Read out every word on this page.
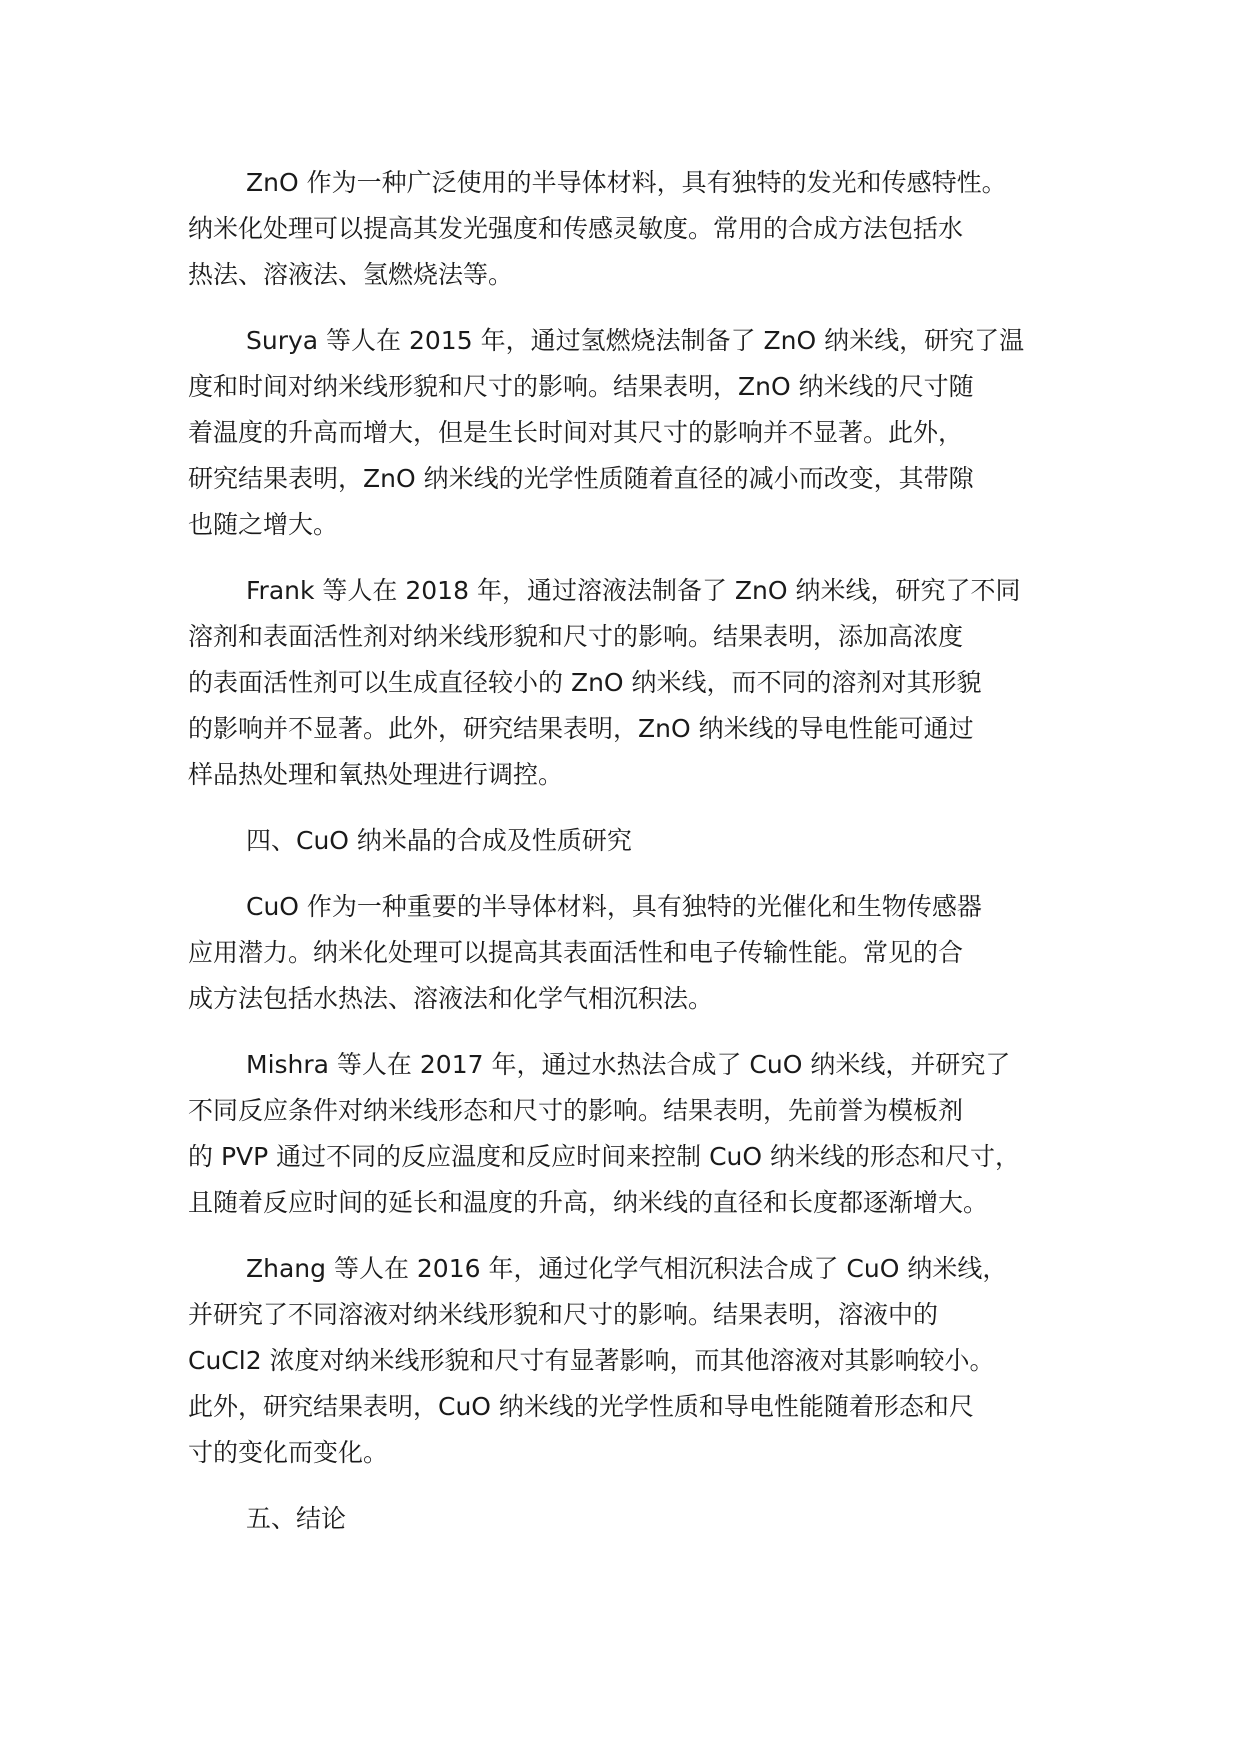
ZnO 作为一种广泛使用的半导体材料，具有独特的发光和传感特性。
纳米化处理可以提高其发光强度和传感灵敏度。常用的合成方法包括水
热法、溶液法、氢燃烧法等。

Surya 等人在 2015 年，通过氢燃烧法制备了 ZnO 纳米线，研究了温
度和时间对纳米线形貌和尺寸的影响。结果表明，ZnO 纳米线的尺寸随
着温度的升高而增大，但是生长时间对其尺寸的影响并不显著。此外，
研究结果表明，ZnO 纳米线的光学性质随着直径的减小而改变，其带隙
也随之增大。

Frank 等人在 2018 年，通过溶液法制备了 ZnO 纳米线，研究了不同
溶剂和表面活性剂对纳米线形貌和尺寸的影响。结果表明，添加高浓度
的表面活性剂可以生成直径较小的 ZnO 纳米线，而不同的溶剂对其形貌
的影响并不显著。此外，研究结果表明，ZnO 纳米线的导电性能可通过
样品热处理和氧热处理进行调控。

四、CuO 纳米晶的合成及性质研究

CuO 作为一种重要的半导体材料，具有独特的光催化和生物传感器
应用潜力。纳米化处理可以提高其表面活性和电子传输性能。常见的合
成方法包括水热法、溶液法和化学气相沉积法。

Mishra 等人在 2017 年，通过水热法合成了 CuO 纳米线，并研究了
不同反应条件对纳米线形态和尺寸的影响。结果表明，先前誉为模板剂
的 PVP 通过不同的反应温度和反应时间来控制 CuO 纳米线的形态和尺寸，
且随着反应时间的延长和温度的升高，纳米线的直径和长度都逐渐增大。

Zhang 等人在 2016 年，通过化学气相沉积法合成了 CuO 纳米线，
并研究了不同溶液对纳米线形貌和尺寸的影响。结果表明，溶液中的
CuCl2 浓度对纳米线形貌和尺寸有显著影响，而其他溶液对其影响较小。
此外，研究结果表明，CuO 纳米线的光学性质和导电性能随着形态和尺
寸的变化而变化。

五、结论
